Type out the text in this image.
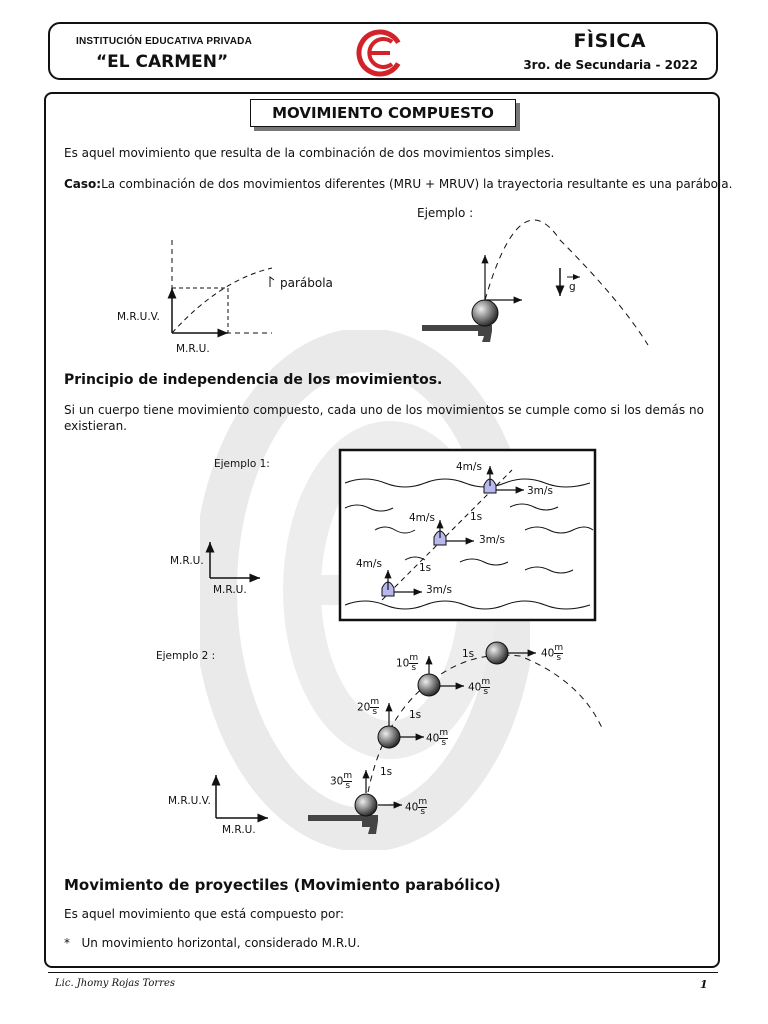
INSTITUCIÓN EDUCATIVA PRIVADA
“EL CARMEN”
FÌSICA
3ro. de Secundaria - 2022
MOVIMIENTO COMPUESTO
Es aquel movimiento que resulta de la combinación de dos movimientos simples.
Caso:La combinación de dos movimientos diferentes (MRU + MRUV) la trayectoria resultante es una parábola.
Ejemplo :
parábola
M.R.U.V.
M.R.U.
g
Principio de independencia de los movimientos.
Si un cuerpo tiene movimiento compuesto, cada uno de los movimientos se cumple como si los demás no existieran.
Ejemplo 1:
M.R.U.
M.R.U.
4m/s
3m/s
4m/s	1s
3m/s
4m/s	1s
3m/s
Ejemplo 2 :
M.R.U.V.
M.R.U.
$10 \frac{m}{s}$	1s	$40 \frac{m}{s}$
$40 \frac{m}{s}$
$20 \frac{m}{s}$	1s
$40 \frac{m}{s}$
1s
$30 \frac{m}{s}$
$40 \frac{m}{s}$
Movimiento de proyectiles (Movimiento parabólico)
Es aquel movimiento que está compuesto por:
*   Un movimiento horizontal, considerado M.R.U.
Lic. Jhomy Rojas Torres	1
